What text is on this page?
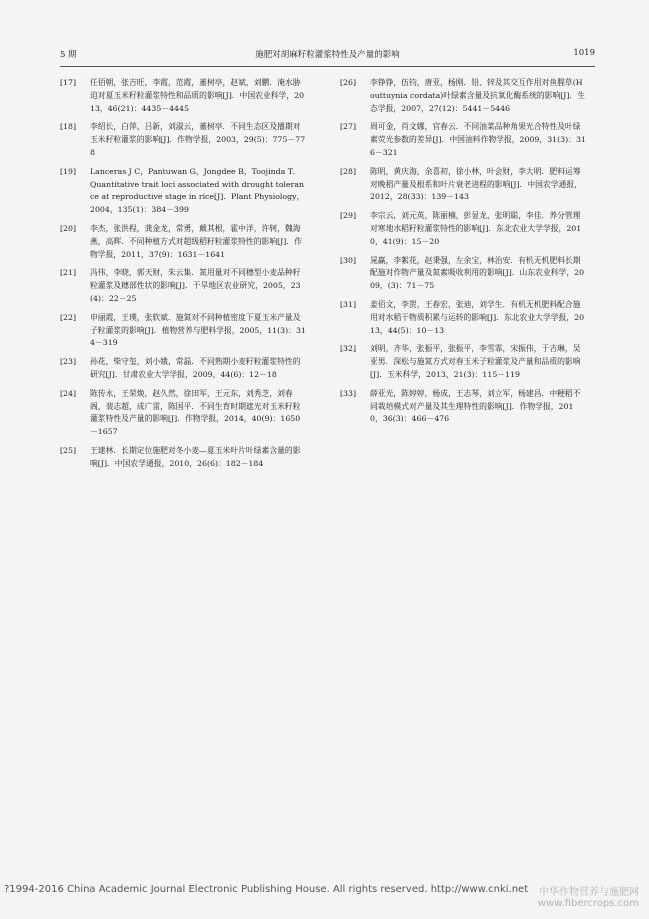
5 期	施肥对胡麻籽粒灌浆特性及产量的影响	1019
[17] 任佰朝，张吉旺，李霞，范霞，董树亭，赵斌，刘鹏．淹水胁迫对夏玉米籽粒灌浆特性和品质的影响[J]．中国农业科学，2013，46(21)：4435－4445
[18] 李绍长，白萍，吕新，刘淑云，董树亭．不同生态区及播期对玉米籽粒灌浆的影响[J]．作物学报，2003，29(5)：775－778
[19] Lanceras J C，Pantuwan G，Jongdee B，Toojinda T．Quantitative trait loci associated with drought tolerance at reproductive stage in rice[J]．Plant Physiology，2004，135(1)：384－399
[20] 李杰，张洪程，龚金龙，常勇，戴其根，霍中洋，许轲，魏海燕，高辉．不同种植方式对超级稻籽粒灌浆特性的影响[J]．作物学报，2011，37(9)：1631－1641
[21] 冯伟，李晓，郭天财，朱云集．氮用量对不同穗型小麦品种籽粒灌浆及穗部性状的影响[J]．干旱地区农业研究，2005，23(4)：22－25
[22] 申丽霞，王璞，张软斌．施氮对不同种植密度下夏玉米产量及子粒灌浆的影响[J]．植物营养与肥料学报，2005，11(3)：314－319
[23] 孙花，柴守玺，刘小娥，常磊．不同熟期小麦籽粒灌浆特性的研究[J]．甘肃农业大学学报，2009，44(6)：12－18
[24] 陈传永，王荣焕，赵久然，徐田军，王元东，刘秀芝，刘春阁，裴志超，成广雷，陈国平．不同生育时期遮光对玉米籽粒灌浆特性及产量的影响[J]．作物学报，2014，40(9)：1650－1657
[25] 王建林．长期定位施肥对冬小麦—夏玉米叶片叶绿素含量的影响[J]．中国农学通报，2010，26(6)：182－184
[26] 李铮铮，伍钧，唐亚，杨刚．铅、锌及其交互作用对鱼腥草(Houttuynia cordata)叶绿素含量及抗氧化酶系统的影响[J]．生态学报，2007，27(12)：5441－5446
[27] 周可金，肖文娜，官春云．不同油菜品种角果光合特性及叶绿素荧光参数的差异[J]．中国油料作物学报，2009，31(3)：316－321
[28] 陈明，黄庆海，余喜初，徐小林，叶会财，李大明．肥料运筹对晚稻产量及根系和叶片衰老进程的影响[J]．中国农学通报，2012，28(33)：139－143
[29] 李宗云，刘元英，陈丽楠，彭显龙，张明聪，李佳．养分管理对寒地水稻籽粒灌浆特性的影响[J]．东北农业大学学报，2010，41(9)：15－20
[30] 晁赢，李絮花，赵秉强，左余宝，林治安．有机无机肥料长期配施对作物产量及氮素吸收利用的影响[J]．山东农业科学，2009，(3)：71－75
[31] 姜佰文，李贺，王春宏，张迪，刘学生．有机无机肥料配合施用对水稻干物质积累与运转的影响[J]．东北农业大学学报，2013，44(5)：10－13
[32] 刘明，齐华，张振平，张振平，李雪霏，宋振伟，于吉琳，吴亚男．深松与施氮方式对春玉米子粒灌浆及产量和品质的影响[J]．玉米科学，2013，21(3)：115－119
[33] 薛亚光，陈婷婷，杨成，王志琴，刘立军，杨建昌．中粳稻不同栽培模式对产量及其生理特性的影响[J]．作物学报，2010，36(3)：466－476
?1994-2016 China Academic Journal Electronic Publishing House. All rights reserved. http://www.cnki.net 中华作物营养与施肥网
www.fibercrops.com
